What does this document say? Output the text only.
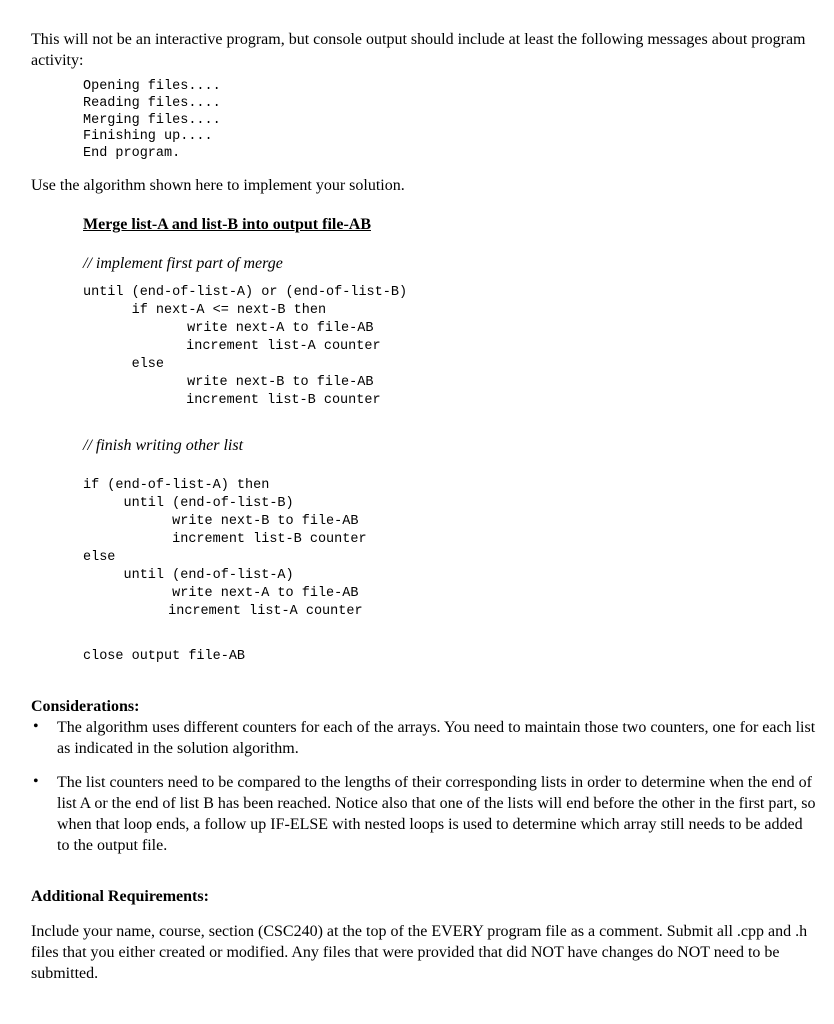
This will not be an interactive program, but console output should include at least the following messages about program activity:

Opening files....
Reading files....
Merging files....
Finishing up....
End program.

Use the algorithm shown here to implement your solution.

Merge list-A and list-B into output file-AB

// implement first part of merge

until (end-of-list-A) or (end-of-list-B)
if next-A <= next-B then
write next-A to file-AB
increment list-A counter
else
write next-B to file-AB
increment list-B counter

// finish writing other list

if (end-of-list-A) then
until (end-of-list-B)
write next-B to file-AB
increment list-B counter
else
until (end-of-list-A)
write next-A to file-AB
increment list-A counter
close output file-AB

Considerations:

• The algorithm uses different counters for each of the arrays. You need to maintain those two counters, one for each list as indicated in the solution algorithm.

• The list counters need to be compared to the lengths of their corresponding lists in order to determine when the end of list A or the end of list B has been reached. Notice also that one of the lists will end before the other in the first part, so when that loop ends, a follow up IF-ELSE with nested loops is used to determine which array still needs to be added to the output file.

Additional Requirements:

Include your name, course, section (CSC240) at the top of the EVERY program file as a comment. Submit all .cpp and .h files that you either created or modified. Any files that were provided that did NOT have changes do NOT need to be submitted.
